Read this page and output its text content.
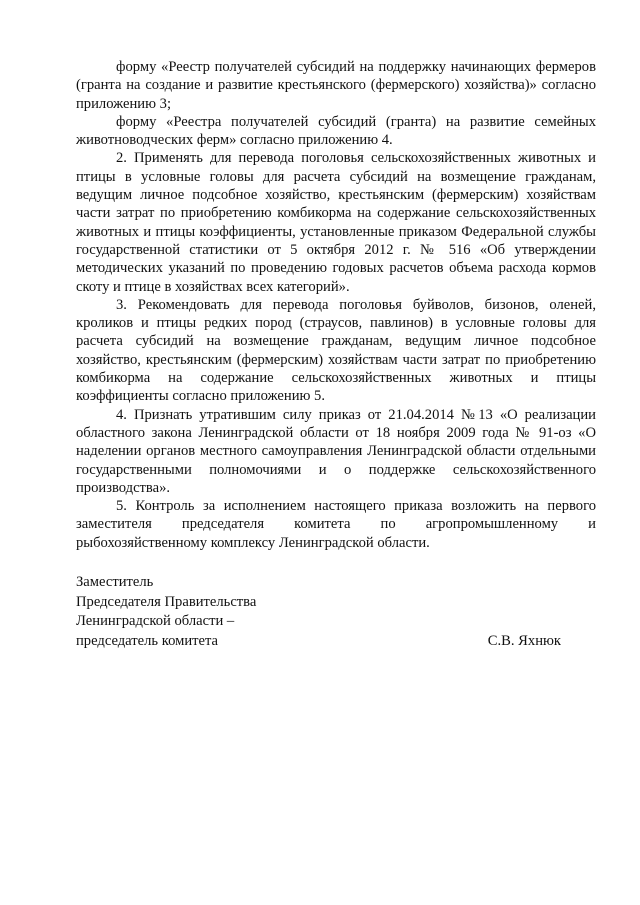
форму «Реестр получателей субсидий на поддержку начинающих фермеров (гранта на создание и развитие крестьянского (фермерского) хозяйства)» согласно приложению 3;

форму «Реестра получателей субсидий (гранта) на развитие семейных животноводческих ферм» согласно приложению 4.

2. Применять для перевода поголовья сельскохозяйственных животных и птицы в условные головы для расчета субсидий на возмещение гражданам, ведущим личное подсобное хозяйство, крестьянским (фермерским) хозяйствам части затрат по приобретению комбикорма на содержание сельскохозяйственных животных и птицы коэффициенты, установленные приказом Федеральной службы государственной статистики от 5 октября 2012 г. № 516 «Об утверждении методических указаний по проведению годовых расчетов объема расхода кормов скоту и птице в хозяйствах всех категорий».

3. Рекомендовать для перевода поголовья буйволов, бизонов, оленей, кроликов и птицы редких пород (страусов, павлинов) в условные головы для расчета субсидий на возмещение гражданам, ведущим личное подсобное хозяйство, крестьянским (фермерским) хозяйствам части затрат по приобретению комбикорма на содержание сельскохозяйственных животных и птицы коэффициенты согласно приложению 5.

4. Признать утратившим силу приказ от 21.04.2014 №13 «О реализации областного закона Ленинградской области от 18 ноября 2009 года № 91-оз «О наделении органов местного самоуправления Ленинградской области отдельными государственными полномочиями и о поддержке сельскохозяйственного производства».

5. Контроль за исполнением настоящего приказа возложить на первого заместителя председателя комитета по агропромышленному и рыбохозяйственному комплексу Ленинградской области.

Заместитель
Председателя Правительства
Ленинградской области –
председатель комитета	С.В. Яхнюк
